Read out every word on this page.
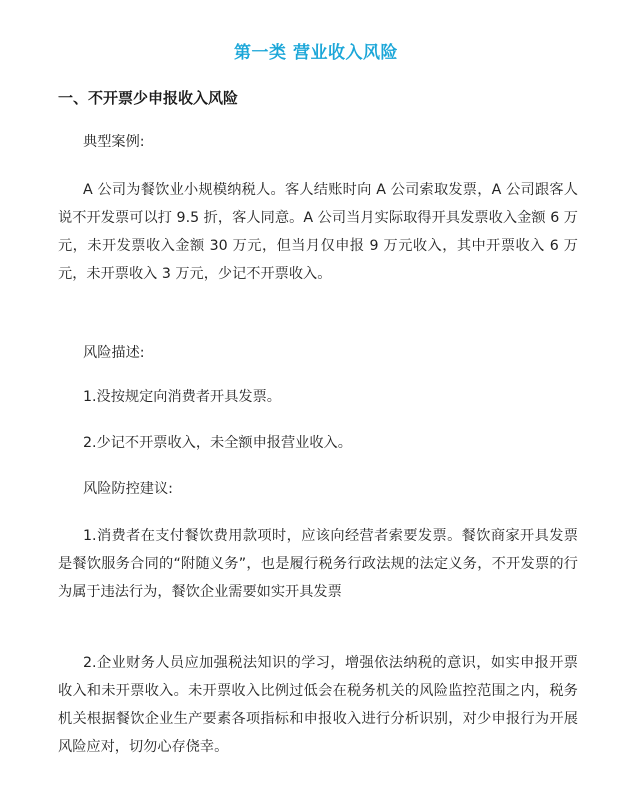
第一类 营业收入风险
一、不开票少申报收入风险
典型案例:

A 公司为餐饮业小规模纳税人。客人结账时向 A 公司索取发票，A 公司跟客人说不开发票可以打 9.5 折，客人同意。A 公司当月实际取得开具发票收入金额 6 万元，未开发票收入金额 30 万元，但当月仅申报 9 万元收入，其中开票收入 6 万元，未开票收入 3 万元，少记不开票收入。

风险描述:
1.没按规定向消费者开具发票。
2.少记不开票收入，未全额申报营业收入。
风险防控建议:

1.消费者在支付餐饮费用款项时，应该向经营者索要发票。餐饮商家开具发票是餐饮服务合同的“附随义务”，也是履行税务行政法规的法定义务，不开发票的行为属于违法行为，餐饮企业需要如实开具发票

2.企业财务人员应加强税法知识的学习，增强依法纳税的意识，如实申报开票收入和未开票收入。未开票收入比例过低会在税务机关的风险监控范围之内，税务机关根据餐饮企业生产要素各项指标和申报收入进行分析识别，对少申报行为开展风险应对，切勿心存侥幸。
